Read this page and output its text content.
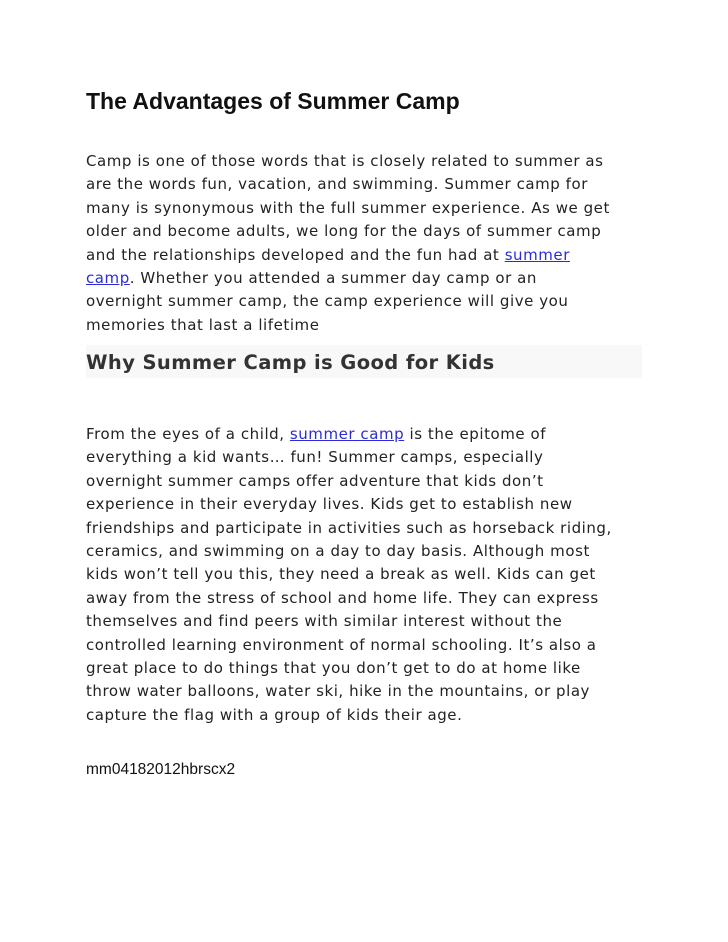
The Advantages of Summer Camp

Camp is one of those words that is closely related to summer as
are the words fun, vacation, and swimming. Summer camp for
many is synonymous with the full summer experience. As we get
older and become adults, we long for the days of summer camp
and the relationships developed and the fun had at summer
camp. Whether you attended a summer day camp or an
overnight summer camp, the camp experience will give you
memories that last a lifetime

Why Summer Camp is Good for Kids

From the eyes of a child, summer camp is the epitome of
everything a kid wants… fun! Summer camps, especially
overnight summer camps offer adventure that kids don’t
experience in their everyday lives. Kids get to establish new
friendships and participate in activities such as horseback riding,
ceramics, and swimming on a day to day basis. Although most
kids won’t tell you this, they need a break as well. Kids can get
away from the stress of school and home life. They can express
themselves and find peers with similar interest without the
controlled learning environment of normal schooling. It’s also a
great place to do things that you don’t get to do at home like
throw water balloons, water ski, hike in the mountains, or play
capture the flag with a group of kids their age.

mm04182012hbrscx2
